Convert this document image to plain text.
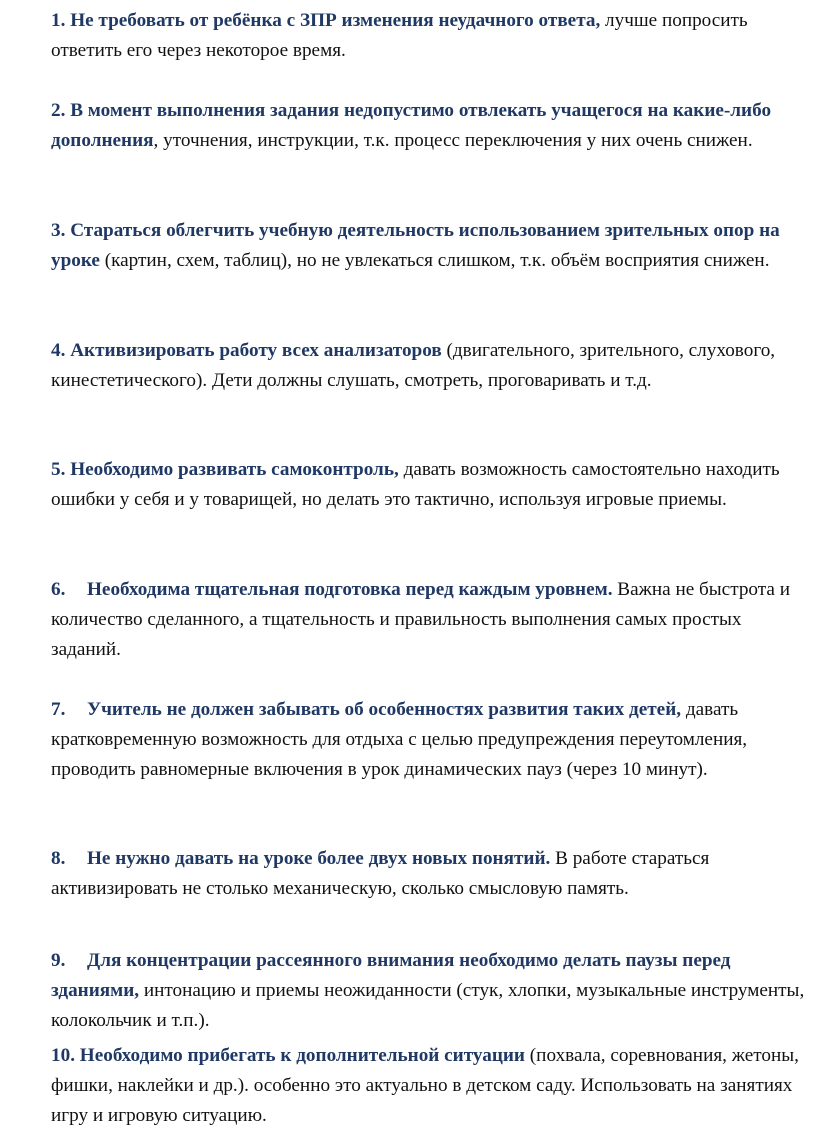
1. Не требовать от ребёнка с ЗПР изменения неудачного ответа, лучше попросить ответить его через некоторое время.

2. В момент выполнения задания недопустимо отвлекать учащегося на какие-либо дополнения, уточнения, инструкции, т.к. процесс переключения у них очень снижен.

3. Стараться облегчить учебную деятельность использованием зрительных опор на уроке (картин, схем, таблиц), но не увлекаться слишком, т.к. объём восприятия снижен.

4. Активизировать работу всех анализаторов (двигательного, зрительного, слухового, кинестетического). Дети должны слушать, смотреть, проговаривать и т.д.

5. Необходимо развивать самоконтроль, давать возможность самостоятельно находить ошибки у себя и у товарищей, но делать это тактично, используя игровые приемы.

6. Необходима тщательная подготовка перед каждым уровнем. Важна не быстрота и количество сделанного, а тщательность и правильность выполнения самых простых заданий.

7. Учитель не должен забывать об особенностях развития таких детей, давать кратковременную возможность для отдыха с целью предупреждения переутомления, проводить равномерные включения в урок динамических пауз (через 10 минут).

8. Не нужно давать на уроке более двух новых понятий. В работе стараться активизировать не столько механическую, сколько смысловую память.

9. Для концентрации рассеянного внимания необходимо делать паузы перед зданиями, интонацию и приемы неожиданности (стук, хлопки, музыкальные инструменты, колокольчик и т.п.).

10. Необходимо прибегать к дополнительной ситуации (похвала, соревнования, жетоны, фишки, наклейки и др.). особенно это актуально в детском саду. Использовать на занятиях игру и игровую ситуацию.
